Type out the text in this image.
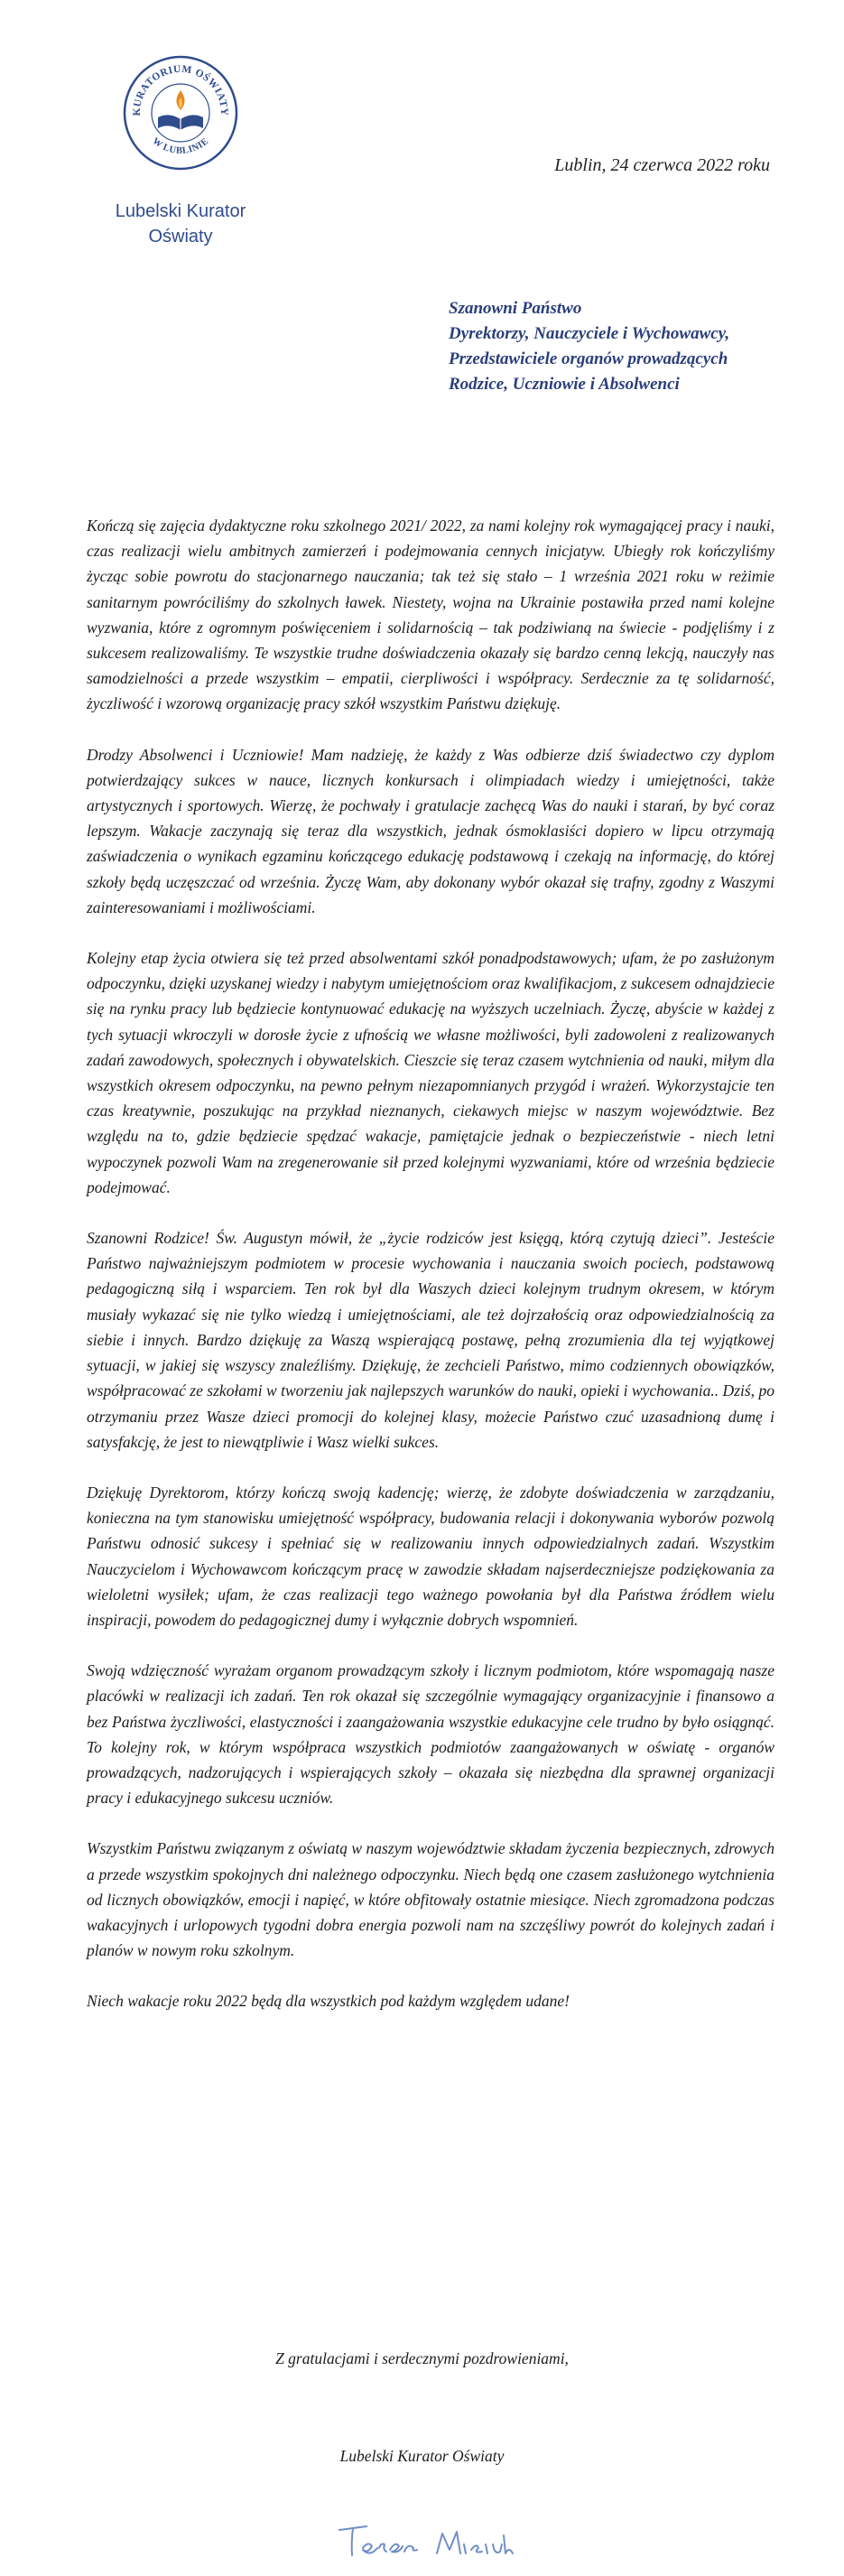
KURATORIUM OŚWIATY
W LUBLINIE
Lubelski Kurator
Oświaty
Lublin, 24 czerwca 2022 roku
Szanowni Państwo
Dyrektorzy, Nauczyciele i Wychowawcy,
Przedstawiciele organów prowadzących
Rodzice, Uczniowie i Absolwenci

Kończą się zajęcia dydaktyczne roku szkolnego 2021/ 2022, za nami kolejny rok wymagającej pracy i nauki, czas realizacji wielu ambitnych zamierzeń i podejmowania cennych inicjatyw. Ubiegły rok kończyliśmy życząc sobie powrotu do stacjonarnego nauczania; tak też się stało – 1 września 2021 roku w reżimie sanitarnym powróciliśmy do szkolnych ławek. Niestety, wojna na Ukrainie postawiła przed nami kolejne wyzwania, które z ogromnym poświęceniem i solidarnością – tak podziwianą na świecie - podjęliśmy i z sukcesem realizowaliśmy. Te wszystkie trudne doświadczenia okazały się bardzo cenną lekcją, nauczyły nas samodzielności a przede wszystkim – empatii, cierpliwości i współpracy. Serdecznie za tę solidarność, życzliwość i wzorową organizację pracy szkół wszystkim Państwu dziękuję.

Drodzy Absolwenci i Uczniowie! Mam nadzieję, że każdy z Was odbierze dziś świadectwo czy dyplom potwierdzający sukces w nauce, licznych konkursach i olimpiadach wiedzy i umiejętności, także artystycznych i sportowych. Wierzę, że pochwały i gratulacje zachęcą Was do nauki i starań, by być coraz lepszym. Wakacje zaczynają się teraz dla wszystkich, jednak ósmoklasiści dopiero w lipcu otrzymają zaświadczenia o wynikach egzaminu kończącego edukację podstawową i czekają na informację, do której szkoły będą uczęszczać od września. Życzę Wam, aby dokonany wybór okazał się trafny, zgodny z Waszymi zainteresowaniami i możliwościami.

Kolejny etap życia otwiera się też przed absolwentami szkół ponadpodstawowych; ufam, że po zasłużonym odpoczynku, dzięki uzyskanej wiedzy i nabytym umiejętnościom oraz kwalifikacjom, z sukcesem odnajdziecie się na rynku pracy lub będziecie kontynuować edukację na wyższych uczelniach. Życzę, abyście w każdej z tych sytuacji wkroczyli w dorosłe życie z ufnością we własne możliwości, byli zadowoleni z realizowanych zadań zawodowych, społecznych i obywatelskich. Cieszcie się teraz czasem wytchnienia od nauki, miłym dla wszystkich okresem odpoczynku, na pewno pełnym niezapomnianych przygód i wrażeń. Wykorzystajcie ten czas kreatywnie, poszukując na przykład nieznanych, ciekawych miejsc w naszym województwie. Bez względu na to, gdzie będziecie spędzać wakacje, pamiętajcie jednak o bezpieczeństwie - niech letni wypoczynek pozwoli Wam na zregenerowanie sił przed kolejnymi wyzwaniami, które od września będziecie podejmować.

Szanowni Rodzice! Św. Augustyn mówił, że „życie rodziców jest księgą, którą czytują dzieci”. Jesteście Państwo najważniejszym podmiotem w procesie wychowania i nauczania swoich pociech, podstawową pedagogiczną siłą i wsparciem. Ten rok był dla Waszych dzieci kolejnym trudnym okresem, w którym musiały wykazać się nie tylko wiedzą i umiejętnościami, ale też dojrzałością oraz odpowiedzialnością za siebie i innych. Bardzo dziękuję za Waszą wspierającą postawę, pełną zrozumienia dla tej wyjątkowej sytuacji, w jakiej się wszyscy znaleźliśmy. Dziękuję, że zechcieli Państwo, mimo codziennych obowiązków, współpracować ze szkołami w tworzeniu jak najlepszych warunków do nauki, opieki i wychowania.. Dziś, po otrzymaniu przez Wasze dzieci promocji do kolejnej klasy, możecie Państwo czuć uzasadnioną dumę i satysfakcję, że jest to niewątpliwie i Wasz wielki sukces.

Dziękuję Dyrektorom, którzy kończą swoją kadencję; wierzę, że zdobyte doświadczenia w zarządzaniu, konieczna na tym stanowisku umiejętność współpracy, budowania relacji i dokonywania wyborów pozwolą Państwu odnosić sukcesy i spełniać się w realizowaniu innych odpowiedzialnych zadań. Wszystkim Nauczycielom i Wychowawcom kończącym pracę w zawodzie składam najserdeczniejsze podziękowania za wieloletni wysiłek; ufam, że czas realizacji tego ważnego powołania był dla Państwa źródłem wielu inspiracji, powodem do pedagogicznej dumy i wyłącznie dobrych wspomnień.

Swoją wdzięczność wyrażam organom prowadzącym szkoły i licznym podmiotom, które wspomagają nasze placówki w realizacji ich zadań. Ten rok okazał się szczególnie wymagający organizacyjnie i finansowo a bez Państwa życzliwości, elastyczności i zaangażowania wszystkie edukacyjne cele trudno by było osiągnąć. To kolejny rok, w którym współpraca wszystkich podmiotów zaangażowanych w oświatę - organów prowadzących, nadzorujących i wspierających szkoły – okazała się niezbędna dla sprawnej organizacji pracy i edukacyjnego sukcesu uczniów.

Wszystkim Państwu związanym z oświatą w naszym województwie składam życzenia bezpiecznych, zdrowych a przede wszystkim spokojnych dni należnego odpoczynku. Niech będą one czasem zasłużonego wytchnienia od licznych obowiązków, emocji i napięć, w które obfitowały ostatnie miesiące. Niech zgromadzona podczas wakacyjnych i urlopowych tygodni dobra energia pozwoli nam na szczęśliwy powrót do kolejnych zadań i planów w nowym roku szkolnym.

Niech wakacje roku 2022 będą dla wszystkich pod każdym względem udane!

Z gratulacjami i serdecznymi pozdrowieniami,
Lubelski Kurator Oświaty
